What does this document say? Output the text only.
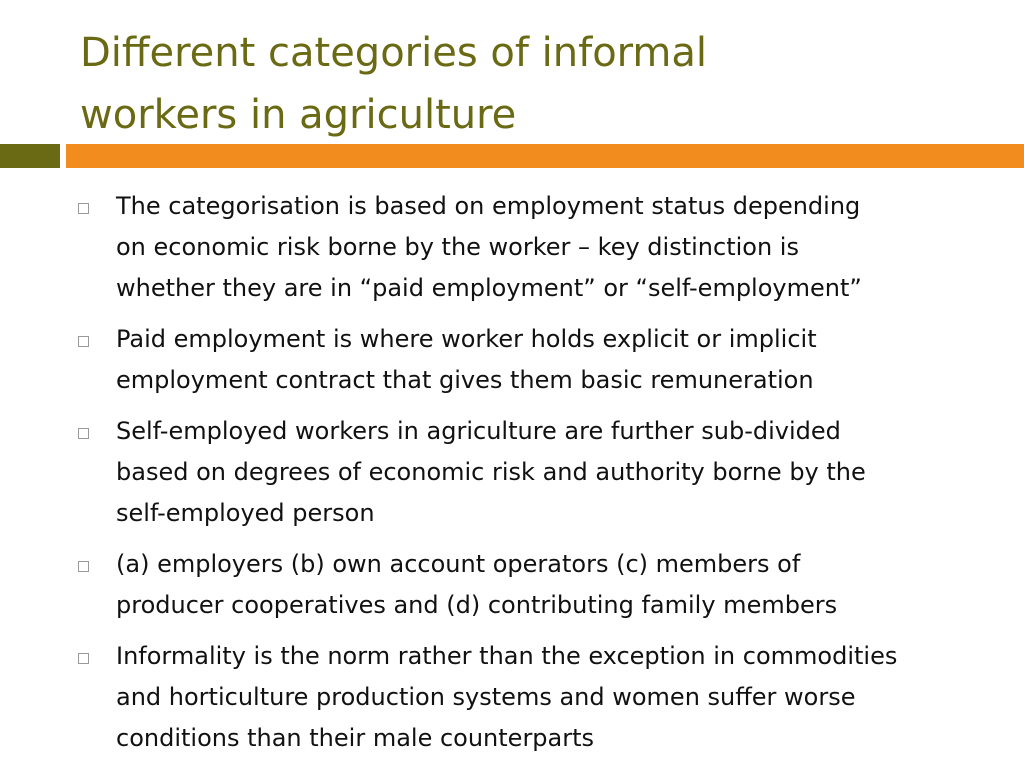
Different categories of informal
workers in agriculture

The categorisation is based on employment status depending
on economic risk borne by the worker – key distinction is
whether they are in “paid employment” or “self-employment”

Paid employment is where worker holds explicit or implicit
employment contract that gives them basic remuneration

Self-employed workers in agriculture are further sub-divided
based on degrees of economic risk and authority borne by the
self-employed person

(a) employers (b) own account operators (c) members of
producer cooperatives and (d) contributing family members

Informality is the norm rather than the exception in commodities
and horticulture production systems and women suffer worse
conditions than their male counterparts
